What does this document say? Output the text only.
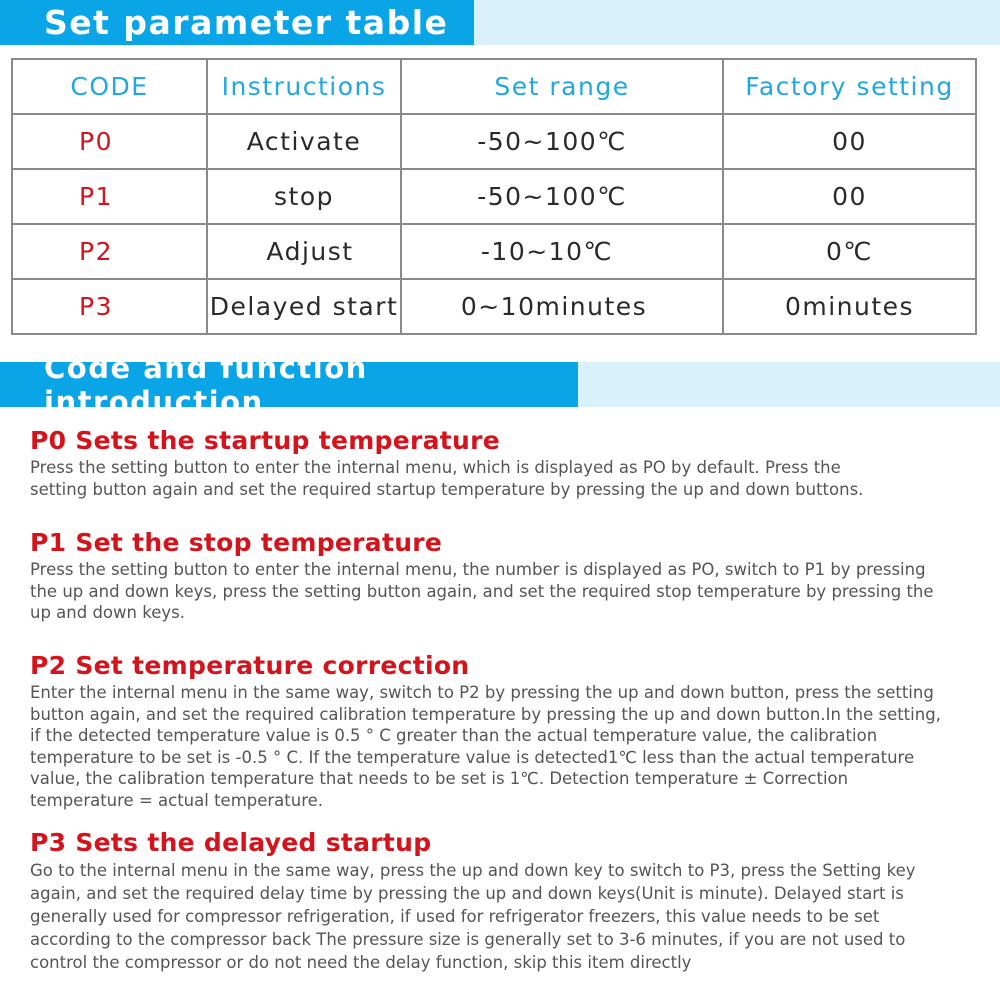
Set parameter table
CODE	Instructions	Set range	Factory setting
P0	Activate	-50~100℃	00
P1	stop	-50~100℃	00
P2	Adjust	-10~10℃	0℃
P3	Delayed start	0~10minutes	0minutes
Code and function introduction
P0 Sets the startup temperature

Press the setting button to enter the internal menu, which is displayed as PO by default. Press the
setting button again and set the required startup temperature by pressing the up and down buttons.

P1 Set the stop temperature

Press the setting button to enter the internal menu, the number is displayed as PO, switch to P1 by pressing
the up and down keys, press the setting button again, and set the required stop temperature by pressing the
up and down keys.

P2 Set temperature correction

Enter the internal menu in the same way, switch to P2 by pressing the up and down button, press the setting
button again, and set the required calibration temperature by pressing the up and down button.In the setting,
if the detected temperature value is 0.5 ° C greater than the actual temperature value, the calibration
temperature to be set is -0.5 ° C. If the temperature value is detected1℃ less than the actual temperature
value, the calibration temperature that needs to be set is 1℃. Detection temperature ± Correction
temperature = actual temperature.

P3 Sets the delayed startup

Go to the internal menu in the same way, press the up and down key to switch to P3, press the Setting key
again, and set the required delay time by pressing the up and down keys(Unit is minute). Delayed start is
generally used for compressor refrigeration, if used for refrigerator freezers, this value needs to be set
according to the compressor back The pressure size is generally set to 3-6 minutes, if you are not used to
control the compressor or do not need the delay function, skip this item directly
